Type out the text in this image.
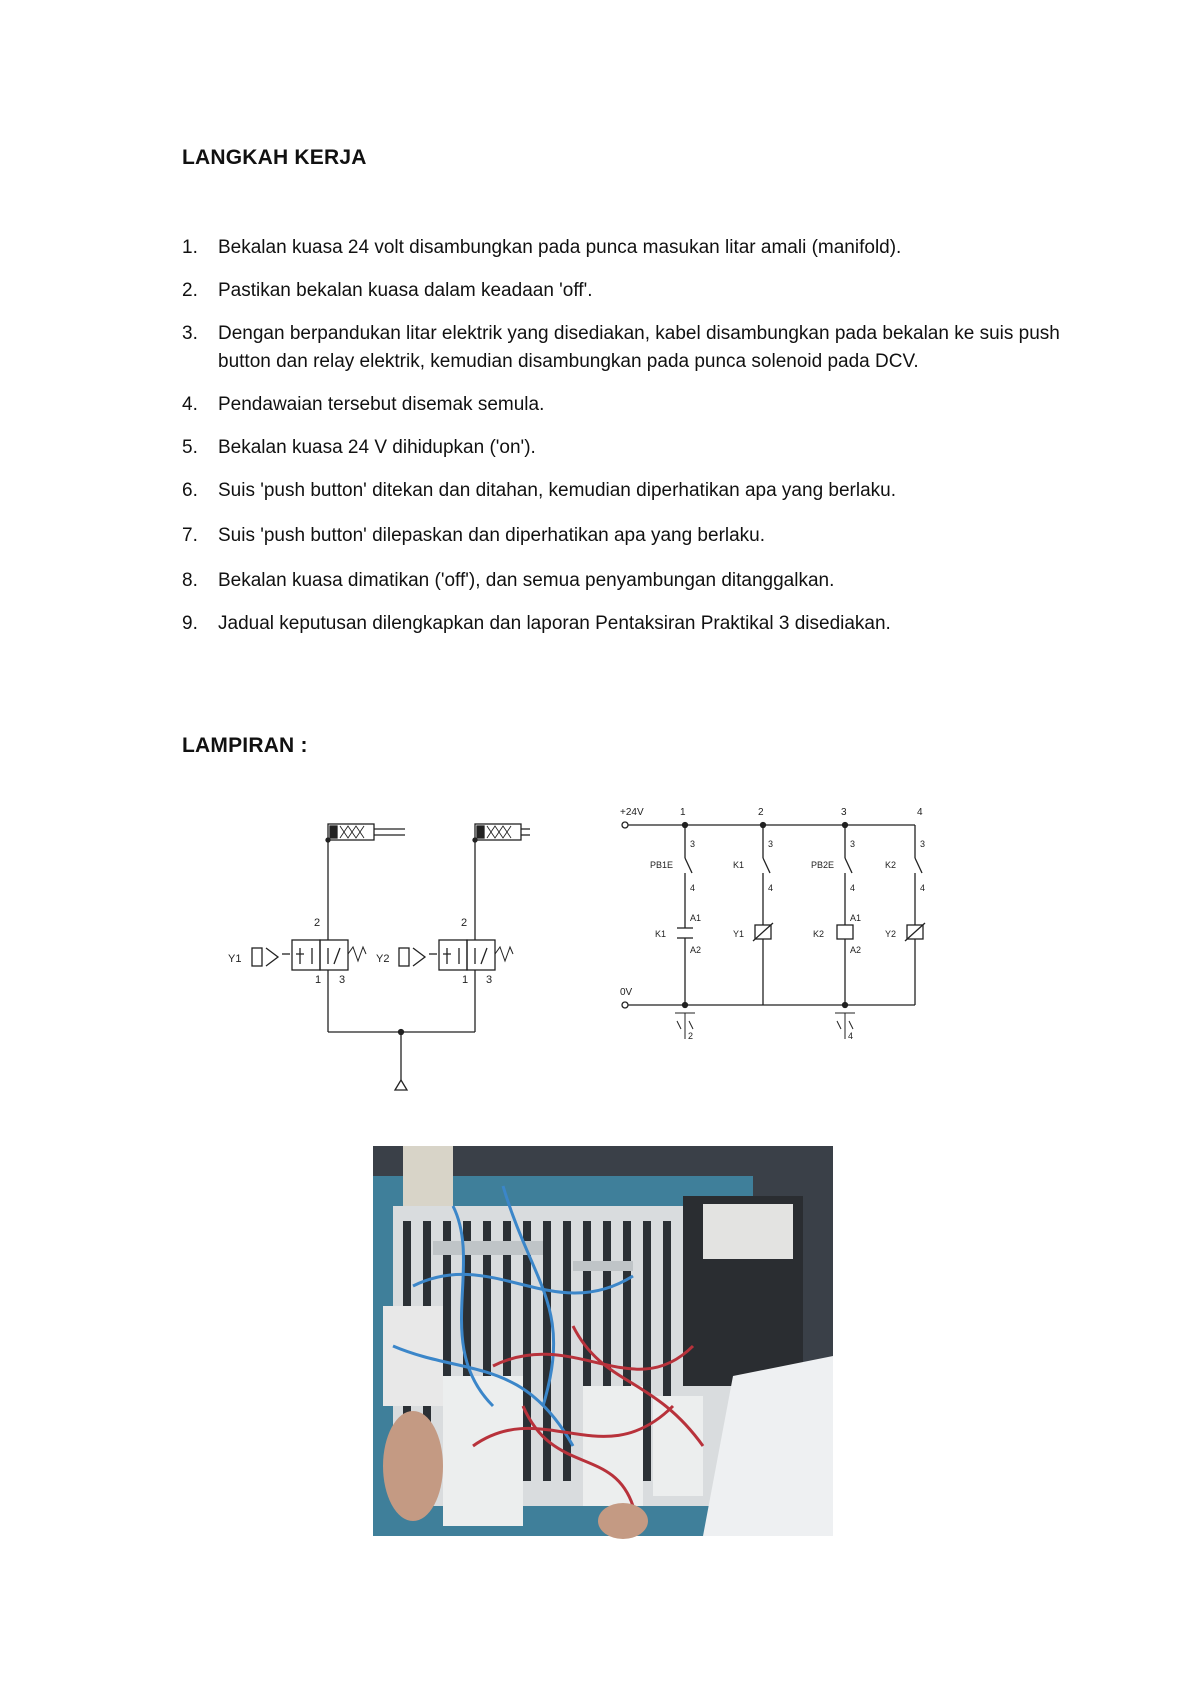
LANGKAH KERJA
1. Bekalan kuasa 24 volt disambungkan pada punca masukan litar amali (manifold).
2. Pastikan bekalan kuasa dalam keadaan 'off'.
3. Dengan berpandukan litar elektrik yang disediakan, kabel disambungkan pada bekalan ke suis push button dan relay elektrik, kemudian disambungkan pada punca solenoid pada DCV.
4. Pendawaian tersebut disemak semula.
5. Bekalan kuasa 24 V dihidupkan ('on').
6. Suis 'push button' ditekan dan ditahan, kemudian diperhatikan apa yang berlaku.
7. Suis 'push button' dilepaskan dan diperhatikan apa yang berlaku.
8. Bekalan kuasa dimatikan ('off'), dan semua penyambungan ditanggalkan.
9. Jadual keputusan dilengkapkan dan laporan Pentaksiran Praktikal 3 disediakan.
LAMPIRAN :
2
Y1
1 3
2
Y2
1 3
+24V	1	2	3	4
0V
3
4
PB1E
A1
K1
A2
3
4
K1
Y1
3
4
PB2E
A1
K2
A2
3
4
K2
Y2
2	4
